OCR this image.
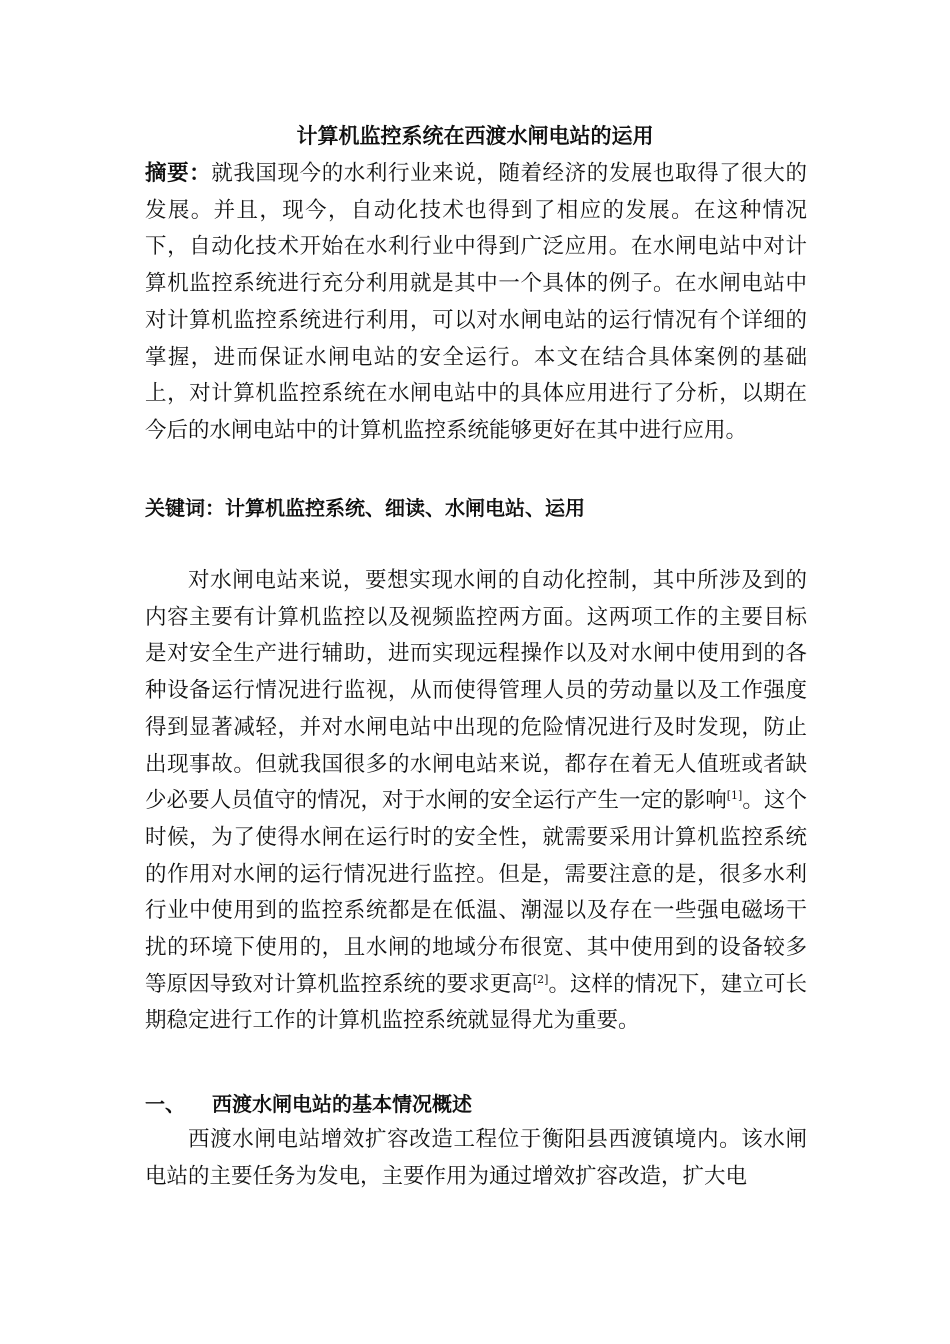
计算机监控系统在西渡水闸电站的运用

摘要：就我国现今的水利行业来说，随着经济的发展也取得了很大的发展。并且，现今，自动化技术也得到了相应的发展。在这种情况下，自动化技术开始在水利行业中得到广泛应用。在水闸电站中对计算机监控系统进行充分利用就是其中一个具体的例子。在水闸电站中对计算机监控系统进行利用，可以对水闸电站的运行情况有个详细的掌握，进而保证水闸电站的安全运行。本文在结合具体案例的基础上，对计算机监控系统在水闸电站中的具体应用进行了分析，以期在今后的水闸电站中的计算机监控系统能够更好在其中进行应用。

关键词：计算机监控系统、细读、水闸电站、运用

对水闸电站来说，要想实现水闸的自动化控制，其中所涉及到的内容主要有计算机监控以及视频监控两方面。这两项工作的主要目标是对安全生产进行辅助，进而实现远程操作以及对水闸中使用到的各种设备运行情况进行监视，从而使得管理人员的劳动量以及工作强度得到显著减轻，并对水闸电站中出现的危险情况进行及时发现，防止出现事故。但就我国很多的水闸电站来说，都存在着无人值班或者缺少必要人员值守的情况，对于水闸的安全运行产生一定的影响[1]。这个时候，为了使得水闸在运行时的安全性，就需要采用计算机监控系统的作用对水闸的运行情况进行监控。但是，需要注意的是，很多水利行业中使用到的监控系统都是在低温、潮湿以及存在一些强电磁场干扰的环境下使用的，且水闸的地域分布很宽、其中使用到的设备较多等原因导致对计算机监控系统的要求更高[2]。这样的情况下，建立可长期稳定进行工作的计算机监控系统就显得尤为重要。

一、 西渡水闸电站的基本情况概述

西渡水闸电站增效扩容改造工程位于衡阳县西渡镇境内。该水闸电站的主要任务为发电，主要作用为通过增效扩容改造，扩大电
